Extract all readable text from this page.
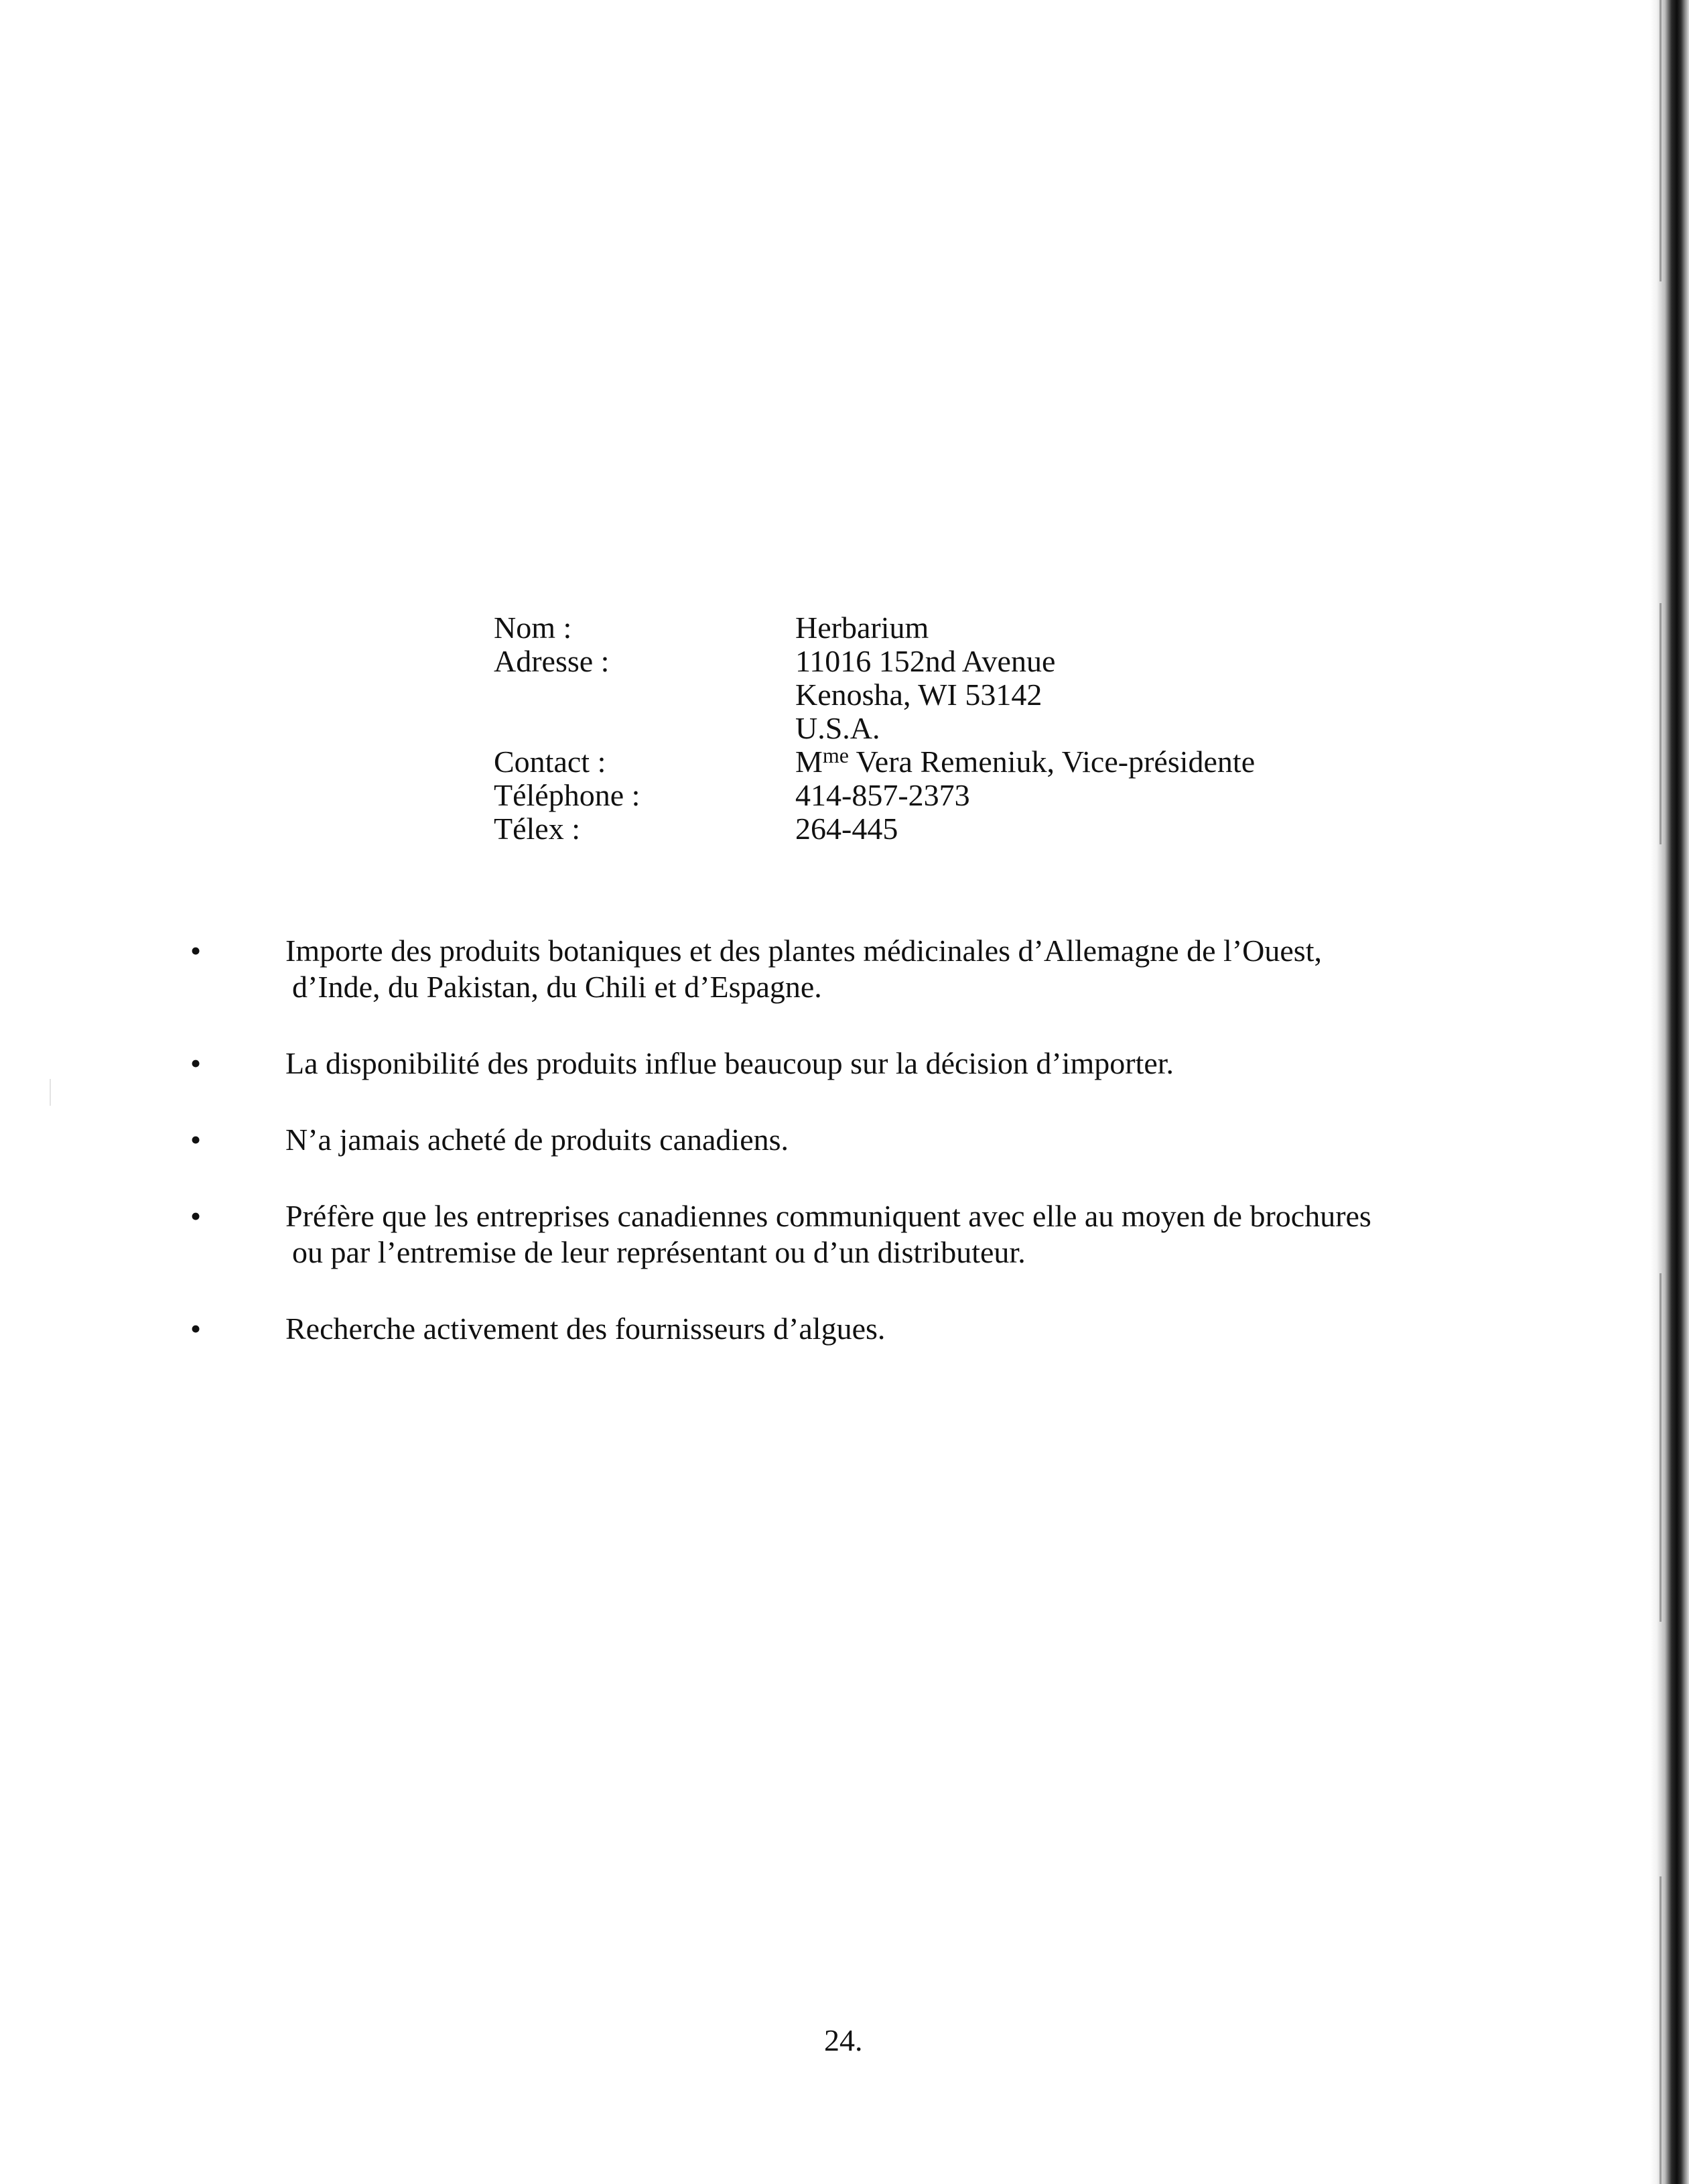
Nom :	Herbarium
Adresse :	11016 152nd Avenue
Kenosha, WI 53142
U.S.A.
Contact :	$M^{me}$ Vera Remeniuk, Vice-présidente
Téléphone :	414-857-2373
Télex :	264-445
•	Importe des produits botaniques et des plantes médicinales d’Allemagne de l’Ouest,
d’Inde, du Pakistan, du Chili et d’Espagne.
•	La disponibilité des produits influe beaucoup sur la décision d’importer.
•	N’a jamais acheté de produits canadiens.
•	Préfère que les entreprises canadiennes communiquent avec elle au moyen de brochures
ou par l’entremise de leur représentant ou d’un distributeur.
•	Recherche activement des fournisseurs d’algues.
24.
